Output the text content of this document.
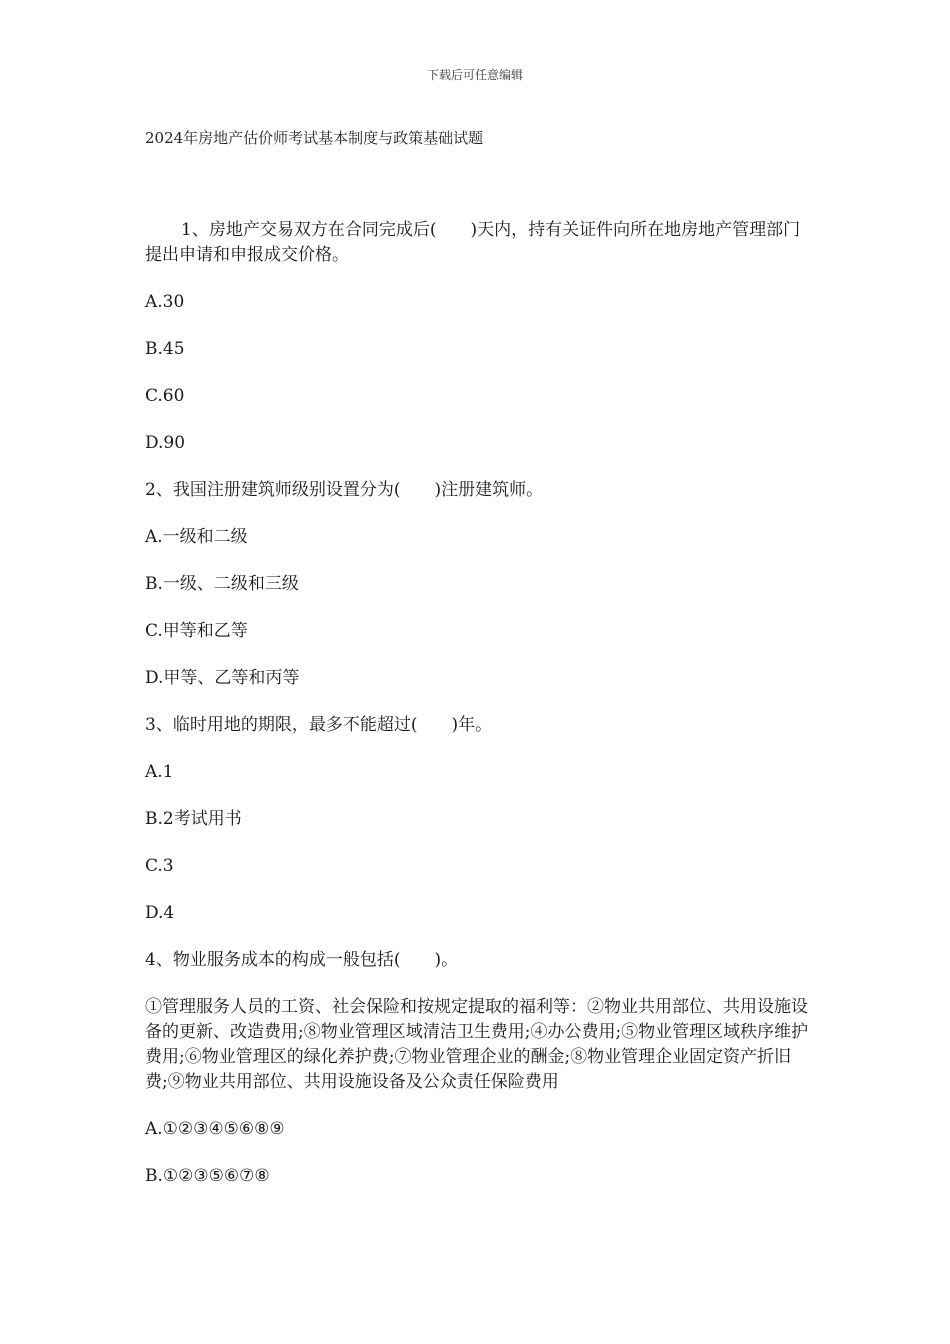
下载后可任意编辑
2024年房地产估价师考试基本制度与政策基础试题
1、房地产交易双方在合同完成后(　　)天内，持有关证件向所在地房地产管理部门提出申请和申报成交价格。
A.30
B.45
C.60
D.90
2、我国注册建筑师级别设置分为(　　)注册建筑师。
A.一级和二级
B.一级、二级和三级
C.甲等和乙等
D.甲等、乙等和丙等
3、临时用地的期限，最多不能超过(　　)年。
A.1
B.2考试用书
C.3
D.4
4、物业服务成本的构成一般包括(　　)。
①管理服务人员的工资、社会保险和按规定提取的福利等：②物业共用部位、共用设施设备的更新、改造费用;⑧物业管理区域清洁卫生费用;④办公费用;⑤物业管理区域秩序维护费用;⑥物业管理区的绿化养护费;⑦物业管理企业的酬金;⑧物业管理企业固定资产折旧费;⑨物业共用部位、共用设施设备及公众责任保险费用
A.①②③④⑤⑥⑧⑨
B.①②③⑤⑥⑦⑧
